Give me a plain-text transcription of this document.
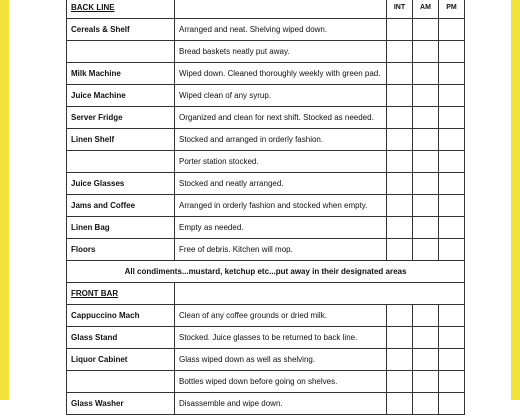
BACK LINE		INT	AM	PM
Cereals & Shelf	Arranged and neat. Shelving wiped down.			
	Bread baskets neatly put away.			
Milk Machine	Wiped down. Cleaned thoroughly weekly with green pad.			
Juice Machine	Wiped clean of any syrup.			
Server Fridge	Organized and clean for next shift. Stocked as needed.			
Linen Shelf	Stocked and arranged in orderly fashion.			
	Porter station stocked.			
Juice Glasses	Stocked and neatly arranged.			
Jams and Coffee	Arranged in orderly fashion and stocked when empty.			
Linen Bag	Empty as needed.			
Floors	Free of debris. Kitchen will mop.			
All condiments...mustard, ketchup etc...put away in their designated areas				
FRONT BAR				
Cappuccino Mach	Clean of any coffee grounds or dried milk.			
Glass Stand	Stocked. Juice glasses to be returned to back line.			
Liquor Cabinet	Glass wiped down as well as shelving.			
	Bottles wiped down before going on shelves.			
Glass Washer	Disassemble and wipe down.			
